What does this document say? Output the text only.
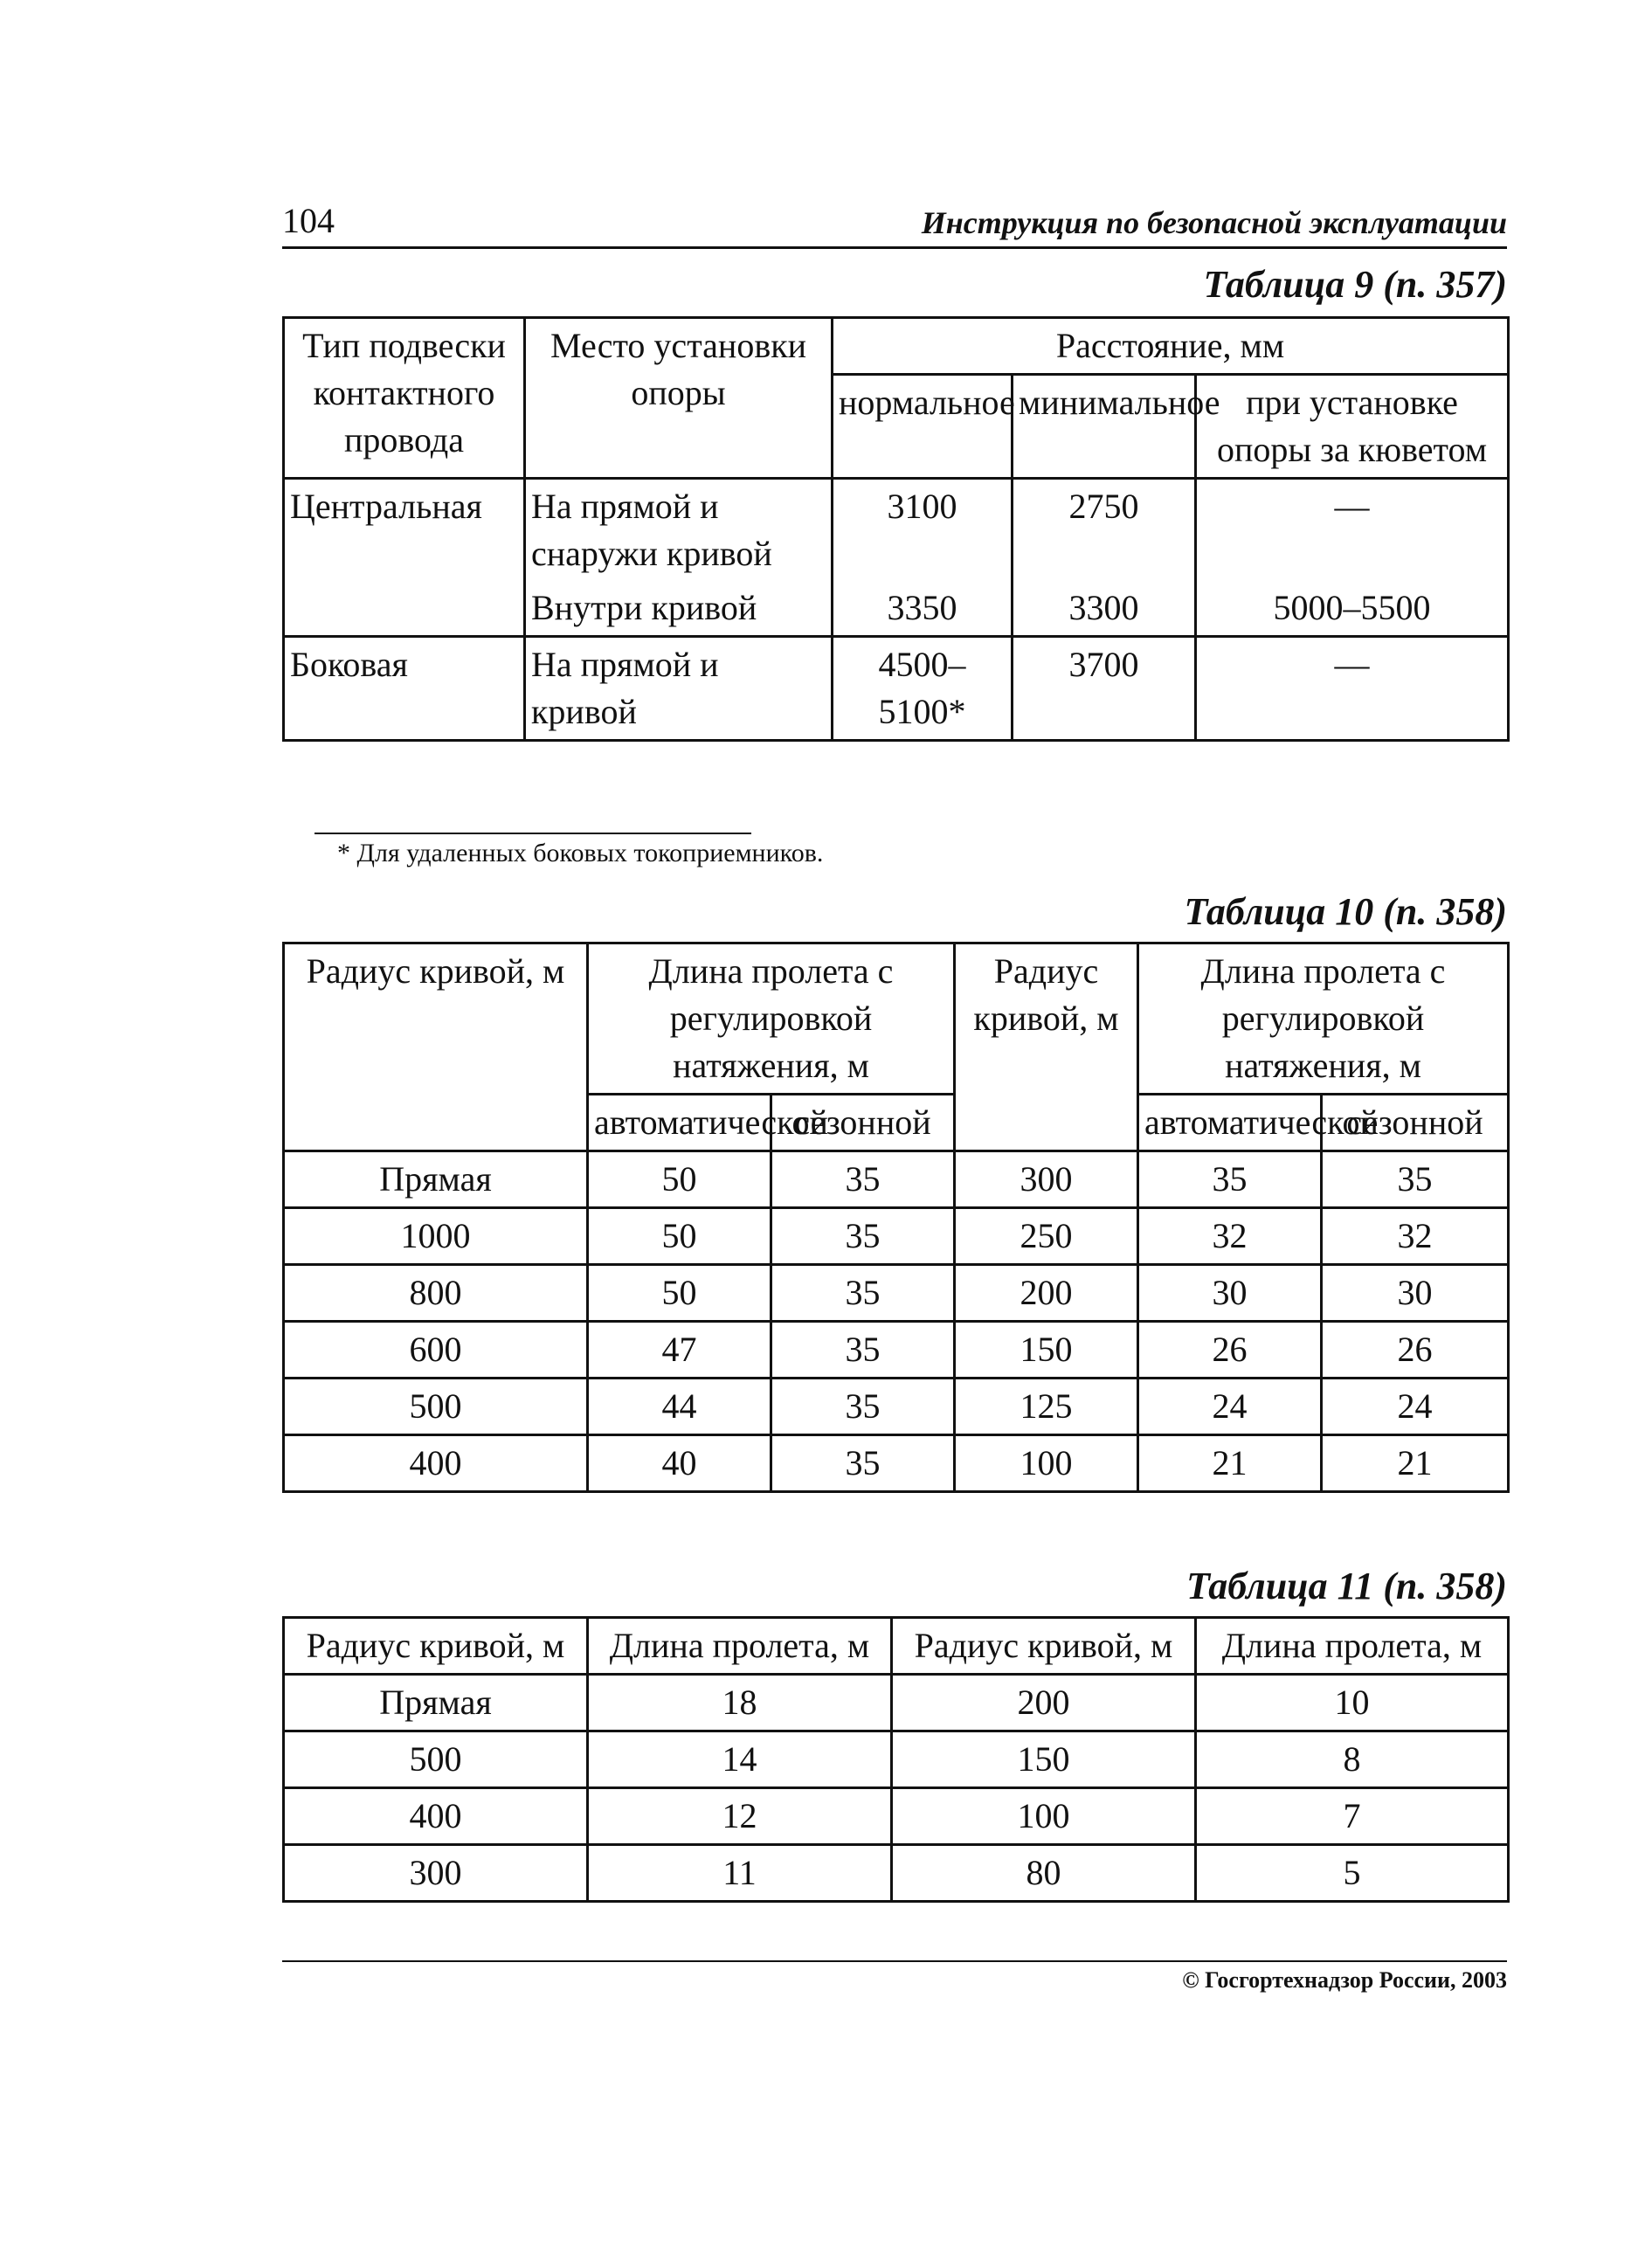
104	Инструкция по безопасной эксплуатации
Таблица 9 (п. 357)
Тип подвески контактного провода	Место установки опоры	Расстояние, мм		
		нормальное	минимальное	при установке опоры за кюветом
Центральная	На прямой и снаружи кривой	3100	2750	—
	Внутри кривой	3350	3300	5000–5500
Боковая	На прямой и кривой	4500–5100*	3700	—
* Для удаленных боковых токоприемников.
Таблица 10 (п. 358)
Радиус кривой, м	Длина пролета с регулировкой натяжения, м		Радиус кривой, м	Длина пролета с регулировкой натяжения, м	
	автоматической	сезонной		автоматической	сезонной
Прямая	50	35	300	35	35
1000	50	35	250	32	32
800	50	35	200	30	30
600	47	35	150	26	26
500	44	35	125	24	24
400	40	35	100	21	21
Таблица 11 (п. 358)
Радиус кривой, м	Длина пролета, м	Радиус кривой, м	Длина пролета, м
Прямая	18	200	10
500	14	150	8
400	12	100	7
300	11	80	5
© Госгортехнадзор России, 2003
